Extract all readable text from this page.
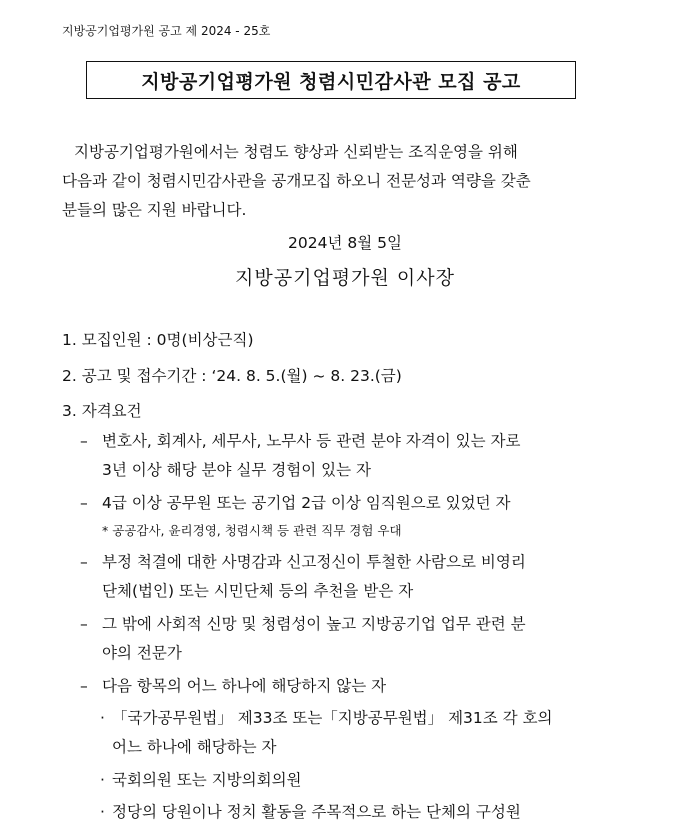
지방공기업평가원 공고 제 2024 - 25호
지방공기업평가원 청렴시민감사관 모집 공고
지방공기업평가원에서는 청렴도 향상과 신뢰받는 조직운영을 위해
다음과 같이 청렴시민감사관을 공개모집 하오니 전문성과 역량을 갖춘
분들의 많은 지원 바랍니다.
2024년 8월 5일
지방공기업평가원 이사장
1. 모집인원 : 0명(비상근직)
2. 공고 및 접수기간 : ‘24. 8. 5.(월) ~ 8. 23.(금)
3. 자격요건
– 변호사, 회계사, 세무사, 노무사 등 관련 분야 자격이 있는 자로
3년 이상 해당 분야 실무 경험이 있는 자
– 4급 이상 공무원 또는 공기업 2급 이상 임직원으로 있었던 자
* 공공감사, 윤리경영, 청렴시책 등 관련 직무 경험 우대
– 부정 척결에 대한 사명감과 신고정신이 투철한 사람으로 비영리
단체(법인) 또는 시민단체 등의 추천을 받은 자
– 그 밖에 사회적 신망 및 청렴성이 높고 지방공기업 업무 관련 분
야의 전문가
– 다음 항목의 어느 하나에 해당하지 않는 자
· 「국가공무원법」 제33조 또는「지방공무원법」 제31조 각 호의
어느 하나에 해당하는 자
· 국회의원 또는 지방의회의원
· 정당의 당원이나 정치 활동을 주목적으로 하는 단체의 구성원
